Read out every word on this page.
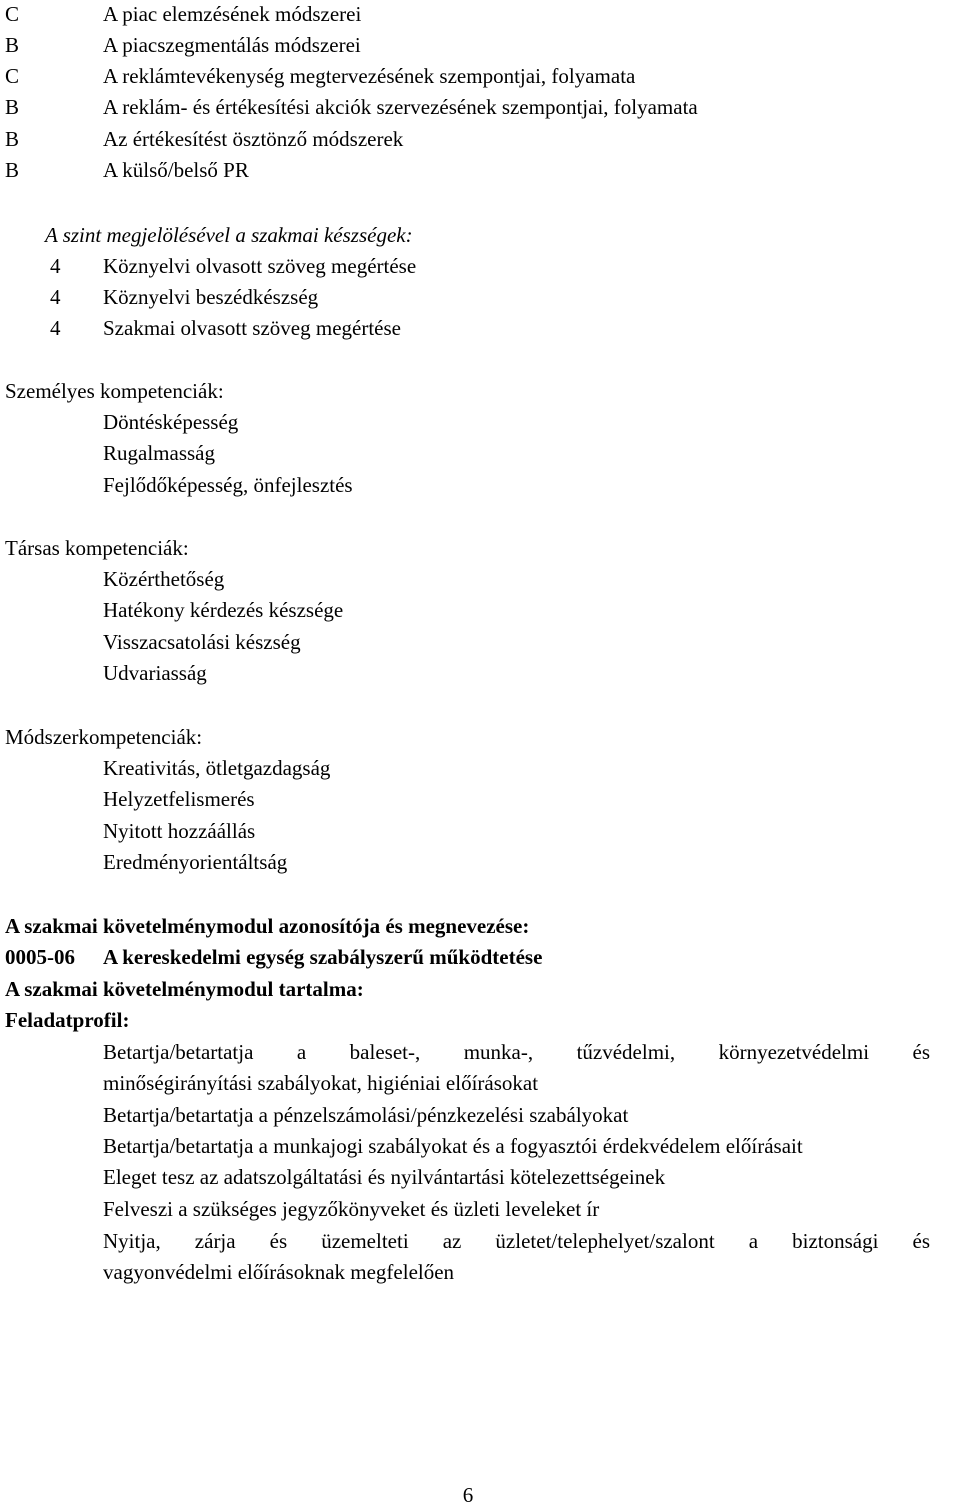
C	A piac elemzésének módszerei
B	A piacszegmentálás módszerei
C	A reklámtevékenység megtervezésének szempontjai, folyamata
B	A reklám- és értékesítési akciók szervezésének szempontjai, folyamata
B	Az értékesítést ösztönző módszerek
B	A külső/belső PR
A szint megjelölésével a szakmai készségek:
4 Köznyelvi olvasott szöveg megértése
4 Köznyelvi beszédkészség
4 Szakmai olvasott szöveg megértése
Személyes kompetenciák:
Döntésképesség
Rugalmasság
Fejlődőképesség, önfejlesztés
Társas kompetenciák:
Közérthetőség
Hatékony kérdezés készsége
Visszacsatolási készség
Udvariasság
Módszerkompetenciák:
Kreativitás, ötletgazdagság
Helyzetfelismerés
Nyitott hozzáállás
Eredményorientáltság
A szakmai követelménymodul azonosítója és megnevezése:
0005-06 A kereskedelmi egység szabályszerű működtetése
A szakmai követelménymodul tartalma:
Feladatprofil:
Betartja/betartatja a baleset-, munka-, tűzvédelmi, környezetvédelmi és
minőségirányítási szabályokat, higiéniai előírásokat
Betartja/betartatja a pénzelszámolási/pénzkezelési szabályokat
Betartja/betartatja a munkajogi szabályokat és a fogyasztói érdekvédelem előírásait
Eleget tesz az adatszolgáltatási és nyilvántartási kötelezettségeinek
Felveszi a szükséges jegyzőkönyveket és üzleti leveleket ír
Nyitja, zárja és üzemelteti az üzletet/telephelyet/szalont a biztonsági és
vagyonvédelmi előírásoknak megfelelően
6
